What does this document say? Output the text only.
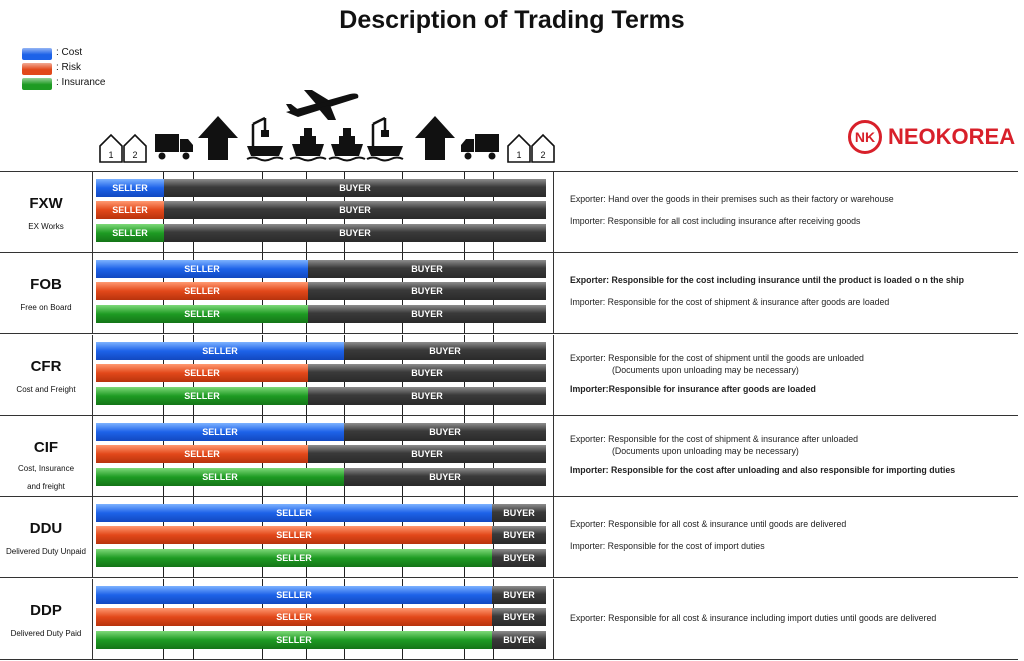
Description of Trading Terms
: Cost
: Risk
: Insurance
1 2	1 2
NK NEOKOREA
FXW
EX Works
SELLER	BUYER
SELLER	BUYER
SELLER	BUYER
Exporter: Hand over the goods in their premises such as their factory or warehouse
Importer: Responsible for all cost including insurance after receiving goods
FOB
Free on Board
SELLER	BUYER
SELLER	BUYER
SELLER	BUYER
Exporter: Responsible for the cost including insurance until the product is loaded o n the ship
Importer: Responsible for the cost of shipment & insurance after goods are loaded
CFR
Cost and Freight
SELLER	BUYER
SELLER	BUYER
SELLER	BUYER
Exporter: Responsible for the cost of shipment until the goods are unloaded
(Documents upon unloading may be necessary)
Importer:Responsible for insurance after goods are loaded
CIF
Cost, Insurance
and freight
SELLER	BUYER
SELLER	BUYER
SELLER	BUYER
Exporter: Responsible for the cost of shipment & insurance after unloaded
(Documents upon unloading may be necessary)
Importer: Responsible for the cost after unloading and also responsible for importing duties
DDU
Delivered Duty Unpaid
SELLER	BUYER
SELLER	BUYER
SELLER	BUYER
Exporter: Responsible for all cost & insurance until goods are delivered
Importer: Responsible for the cost of import duties
DDP
Delivered Duty Paid
SELLER	BUYER
SELLER	BUYER
SELLER	BUYER
Exporter: Responsible for all cost & insurance including import duties until goods are delivered
